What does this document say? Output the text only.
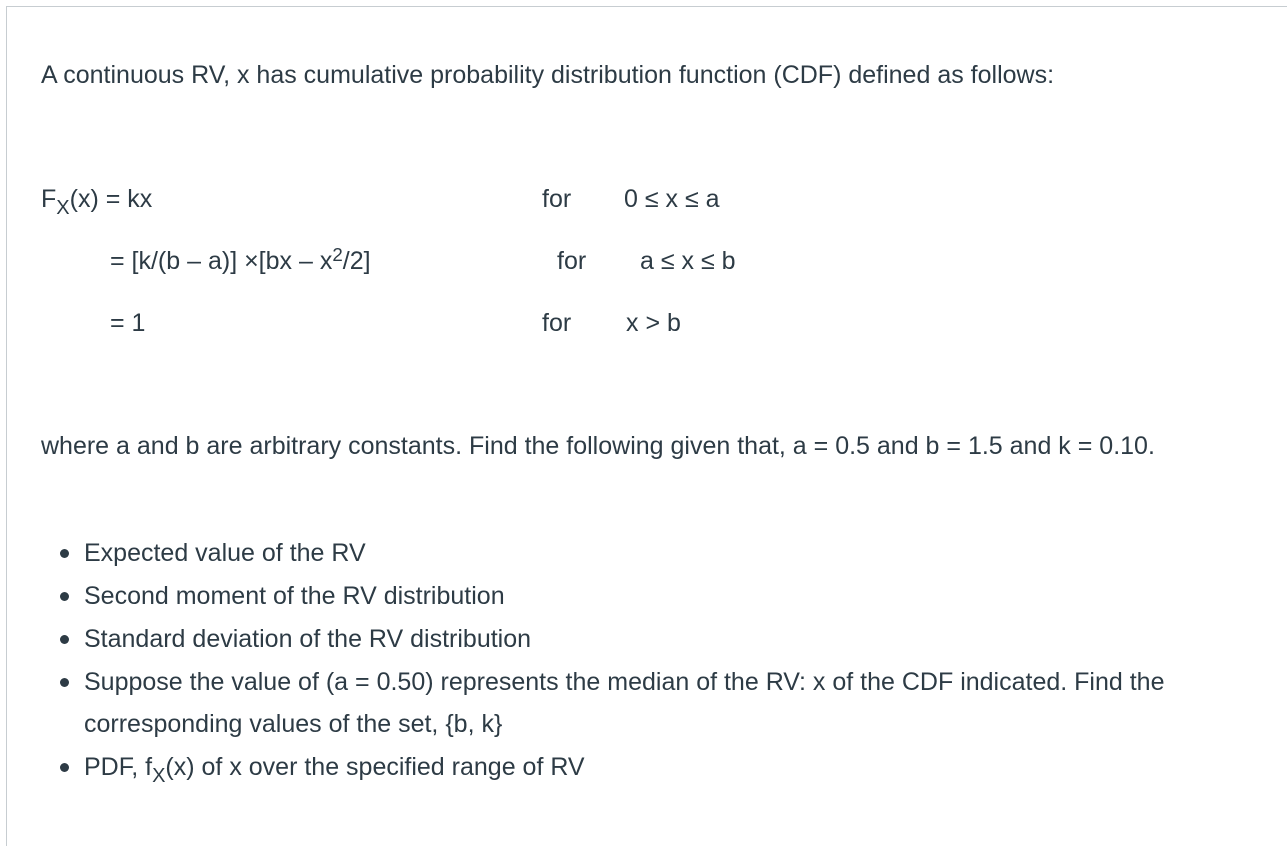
A continuous RV, x has cumulative probability distribution function (CDF) defined as follows:
$F_X(x)$ = kx	for 0 ≤ x ≤ a
= $[k/(b - a)] \times[bx - x^2/2]$	for a ≤ x ≤ b
= 1	for x > b
where a and b are arbitrary constants. Find the following given that, a = 0.5 and b = 1.5 and k = 0.10.
Expected value of the RV
Second moment of the RV distribution
Standard deviation of the RV distribution
Suppose the value of (a = 0.50) represents the median of the RV: x of the CDF indicated. Find the corresponding values of the set, {b, k}
PDF, $f_X(x)$ of x over the specified range of RV
